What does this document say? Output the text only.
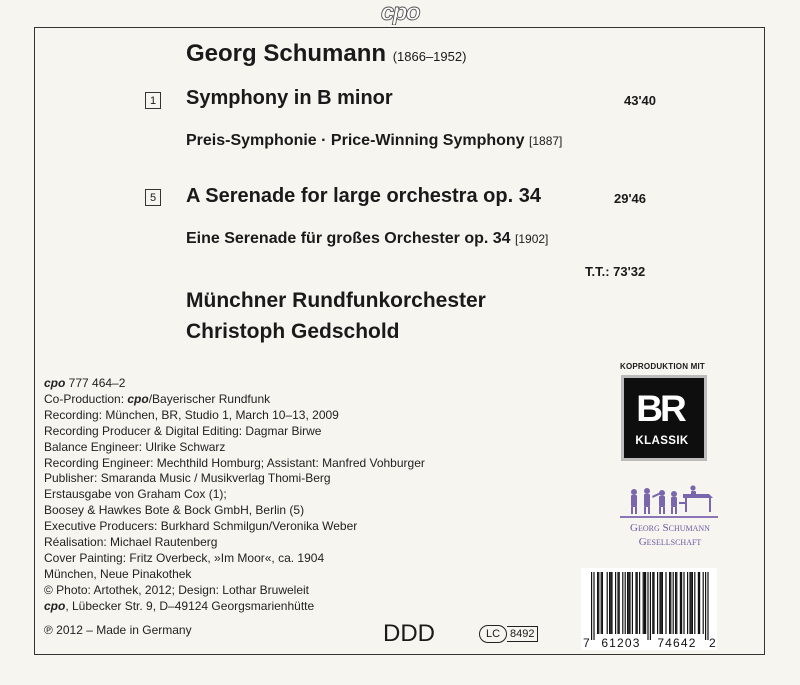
cpo
Georg Schumann (1866–1952)
1 Symphony in B minor	43'40
Preis-Symphonie · Price-Winning Symphony [1887]
5 A Serenade for large orchestra op. 34	29'46
Eine Serenade für großes Orchester op. 34 [1902]
T.T.: 73'32
Münchner Rundfunkorchester
Christoph Gedschold
cpo 777 464–2
Co-Production: cpo/Bayerischer Rundfunk
Recording: München, BR, Studio 1, March 10–13, 2009
Recording Producer & Digital Editing: Dagmar Birwe
Balance Engineer: Ulrike Schwarz
Recording Engineer: Mechthild Homburg; Assistant: Manfred Vohburger
Publisher: Smaranda Music / Musikverlag Thomi-Berg
Erstausgabe von Graham Cox (1);
Boosey & Hawkes Bote & Bock GmbH, Berlin (5)
Executive Producers: Burkhard Schmilgun/Veronika Weber
Réalisation: Michael Rautenberg
Cover Painting: Fritz Overbeck, »Im Moor«, ca. 1904
München, Neue Pinakothek
© Photo: Artothek, 2012; Design: Lothar Bruweleit
cpo, Lübecker Str. 9, D–49124 Georgsmarienhütte
℗ 2012 – Made in Germany	DDD	LC 8492
KOPRODUKTION MIT
BR
KLASSIK
Georg Schumann
Gesellschaft
7 61203 74642 2
